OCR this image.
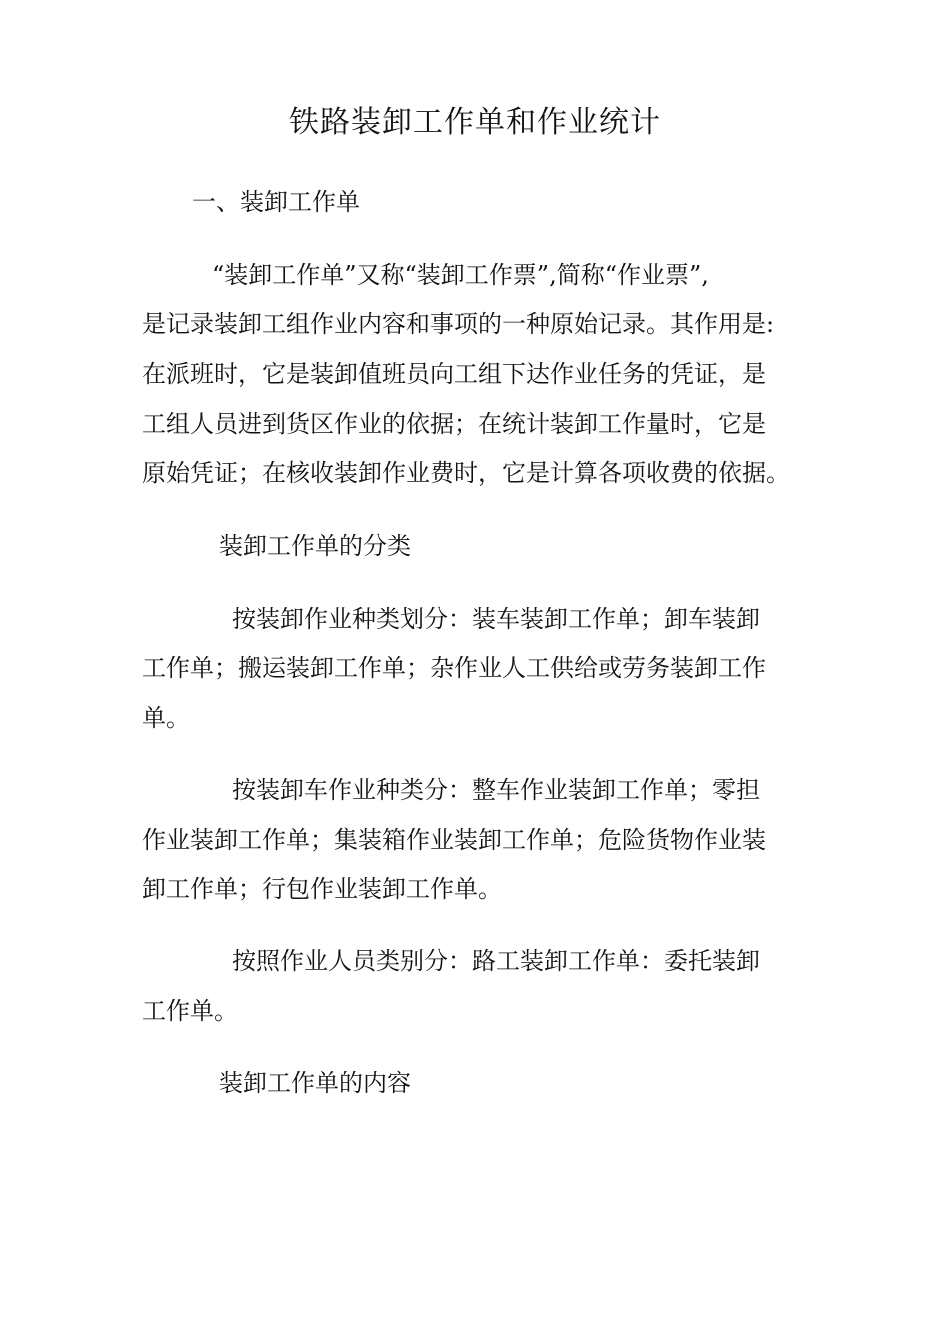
铁路装卸工作单和作业统计
一、装卸工作单
“装卸工作单”又称“装卸工作票”,简称“作业票”,
是记录装卸工组作业内容和事项的一种原始记录。其作用是:
在派班时，它是装卸值班员向工组下达作业任务的凭证，是
工组人员进到货区作业的依据；在统计装卸工作量时，它是
原始凭证；在核收装卸作业费时，它是计算各项收费的依据。
装卸工作单的分类
按装卸作业种类划分：装车装卸工作单；卸车装卸
工作单；搬运装卸工作单；杂作业人工供给或劳务装卸工作
单。
按装卸车作业种类分：整车作业装卸工作单；零担
作业装卸工作单；集装箱作业装卸工作单；危险货物作业装
卸工作单；行包作业装卸工作单。
按照作业人员类别分：路工装卸工作单：委托装卸
工作单。
装卸工作单的内容
